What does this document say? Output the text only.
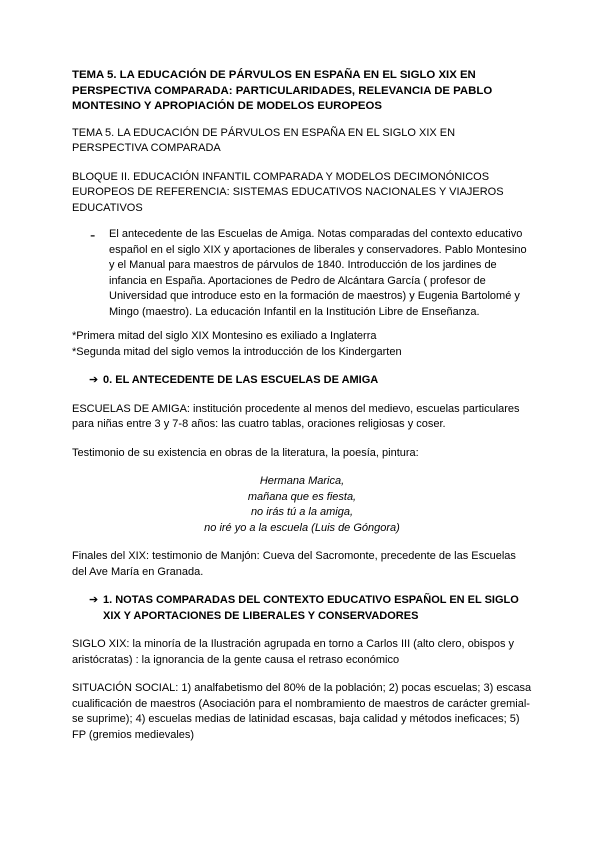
TEMA 5. LA EDUCACIÓN DE PÁRVULOS EN ESPAÑA EN EL SIGLO XIX EN PERSPECTIVA COMPARADA: PARTICULARIDADES, RELEVANCIA DE PABLO MONTESINO Y APROPIACIÓN DE MODELOS EUROPEOS

TEMA 5. LA EDUCACIÓN DE PÁRVULOS EN ESPAÑA EN EL SIGLO XIX EN PERSPECTIVA COMPARADA

BLOQUE II. EDUCACIÓN INFANTIL COMPARADA Y MODELOS DECIMONÓNICOS EUROPEOS DE REFERENCIA: SISTEMAS EDUCATIVOS NACIONALES Y VIAJEROS EDUCATIVOS

- El antecedente de las Escuelas de Amiga. Notas comparadas del contexto educativo español en el siglo XIX y aportaciones de liberales y conservadores. Pablo Montesino y el Manual para maestros de párvulos de 1840. Introducción de los jardines de infancia en España. Aportaciones de Pedro de Alcántara García ( profesor de Universidad que introduce esto en la formación de maestros) y Eugenia Bartolomé y Mingo (maestro). La educación Infantil en la Institución Libre de Enseñanza.

*Primera mitad del siglo XIX Montesino es exiliado a Inglaterra

*Segunda mitad del siglo vemos la introducción de los Kindergarten

➔ 0. EL ANTECEDENTE DE LAS ESCUELAS DE AMIGA

ESCUELAS DE AMIGA: institución procedente al menos del medievo, escuelas particulares para niñas entre 3 y 7-8 años: las cuatro tablas, oraciones religiosas y coser.

Testimonio de su existencia en obras de la literatura, la poesía, pintura:

Hermana Marica,
mañana que es fiesta,
no irás tú a la amiga,
no iré yo a la escuela (Luis de Góngora)

Finales del XIX: testimonio de Manjón: Cueva del Sacromonte, precedente de las Escuelas del Ave María en Granada.

➔ 1. NOTAS COMPARADAS DEL CONTEXTO EDUCATIVO ESPAÑOL EN EL SIGLO XIX Y APORTACIONES DE LIBERALES Y CONSERVADORES

SIGLO XIX: la minoría de la Ilustración agrupada en torno a Carlos III (alto clero, obispos y aristócratas) : la ignorancia de la gente causa el retraso económico

SITUACIÓN SOCIAL: 1) analfabetismo del 80% de la población; 2) pocas escuelas; 3) escasa cualificación de maestros (Asociación para el nombramiento de maestros de carácter gremial- se suprime); 4) escuelas medias de latinidad escasas, baja calidad y métodos ineficaces; 5) FP (gremios medievales)
